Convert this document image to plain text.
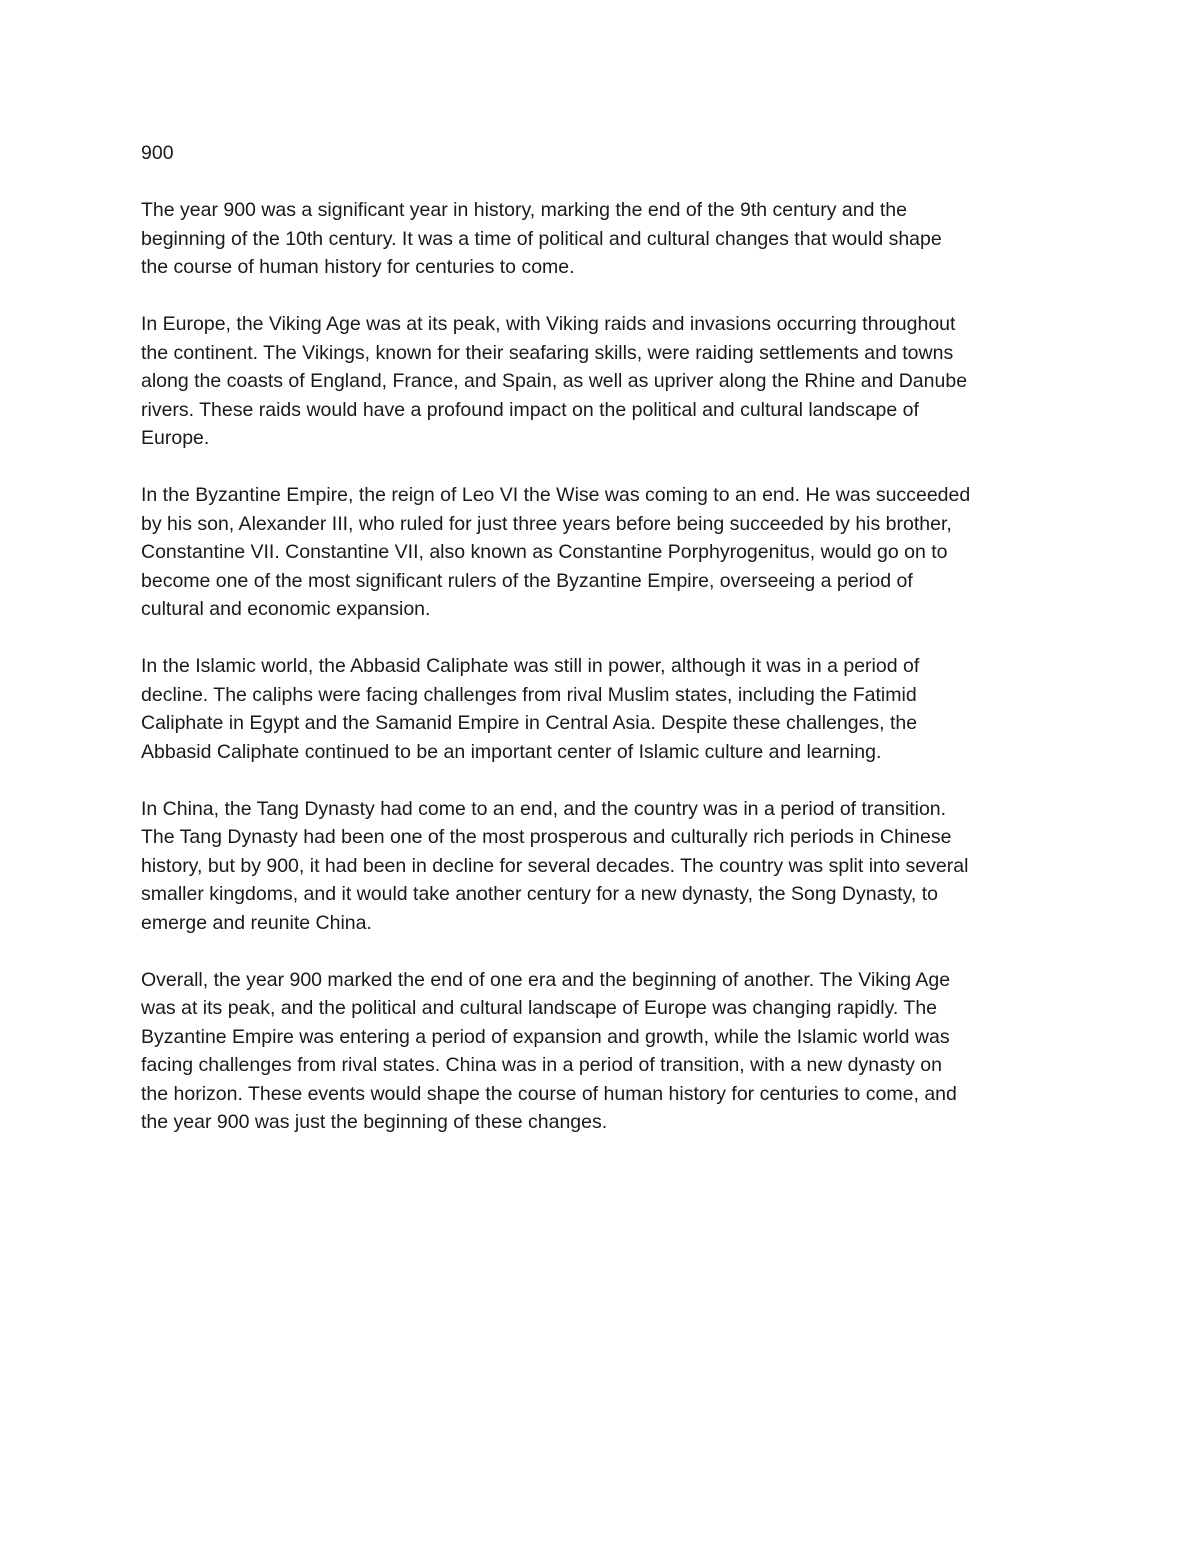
900

The year 900 was a significant year in history, marking the end of the 9th century and the
beginning of the 10th century. It was a time of political and cultural changes that would shape
the course of human history for centuries to come.

In Europe, the Viking Age was at its peak, with Viking raids and invasions occurring throughout
the continent. The Vikings, known for their seafaring skills, were raiding settlements and towns
along the coasts of England, France, and Spain, as well as upriver along the Rhine and Danube
rivers. These raids would have a profound impact on the political and cultural landscape of
Europe.

In the Byzantine Empire, the reign of Leo VI the Wise was coming to an end. He was succeeded
by his son, Alexander III, who ruled for just three years before being succeeded by his brother,
Constantine VII. Constantine VII, also known as Constantine Porphyrogenitus, would go on to
become one of the most significant rulers of the Byzantine Empire, overseeing a period of
cultural and economic expansion.

In the Islamic world, the Abbasid Caliphate was still in power, although it was in a period of
decline. The caliphs were facing challenges from rival Muslim states, including the Fatimid
Caliphate in Egypt and the Samanid Empire in Central Asia. Despite these challenges, the
Abbasid Caliphate continued to be an important center of Islamic culture and learning.

In China, the Tang Dynasty had come to an end, and the country was in a period of transition.
The Tang Dynasty had been one of the most prosperous and culturally rich periods in Chinese
history, but by 900, it had been in decline for several decades. The country was split into several
smaller kingdoms, and it would take another century for a new dynasty, the Song Dynasty, to
emerge and reunite China.

Overall, the year 900 marked the end of one era and the beginning of another. The Viking Age
was at its peak, and the political and cultural landscape of Europe was changing rapidly. The
Byzantine Empire was entering a period of expansion and growth, while the Islamic world was
facing challenges from rival states. China was in a period of transition, with a new dynasty on
the horizon. These events would shape the course of human history for centuries to come, and
the year 900 was just the beginning of these changes.
